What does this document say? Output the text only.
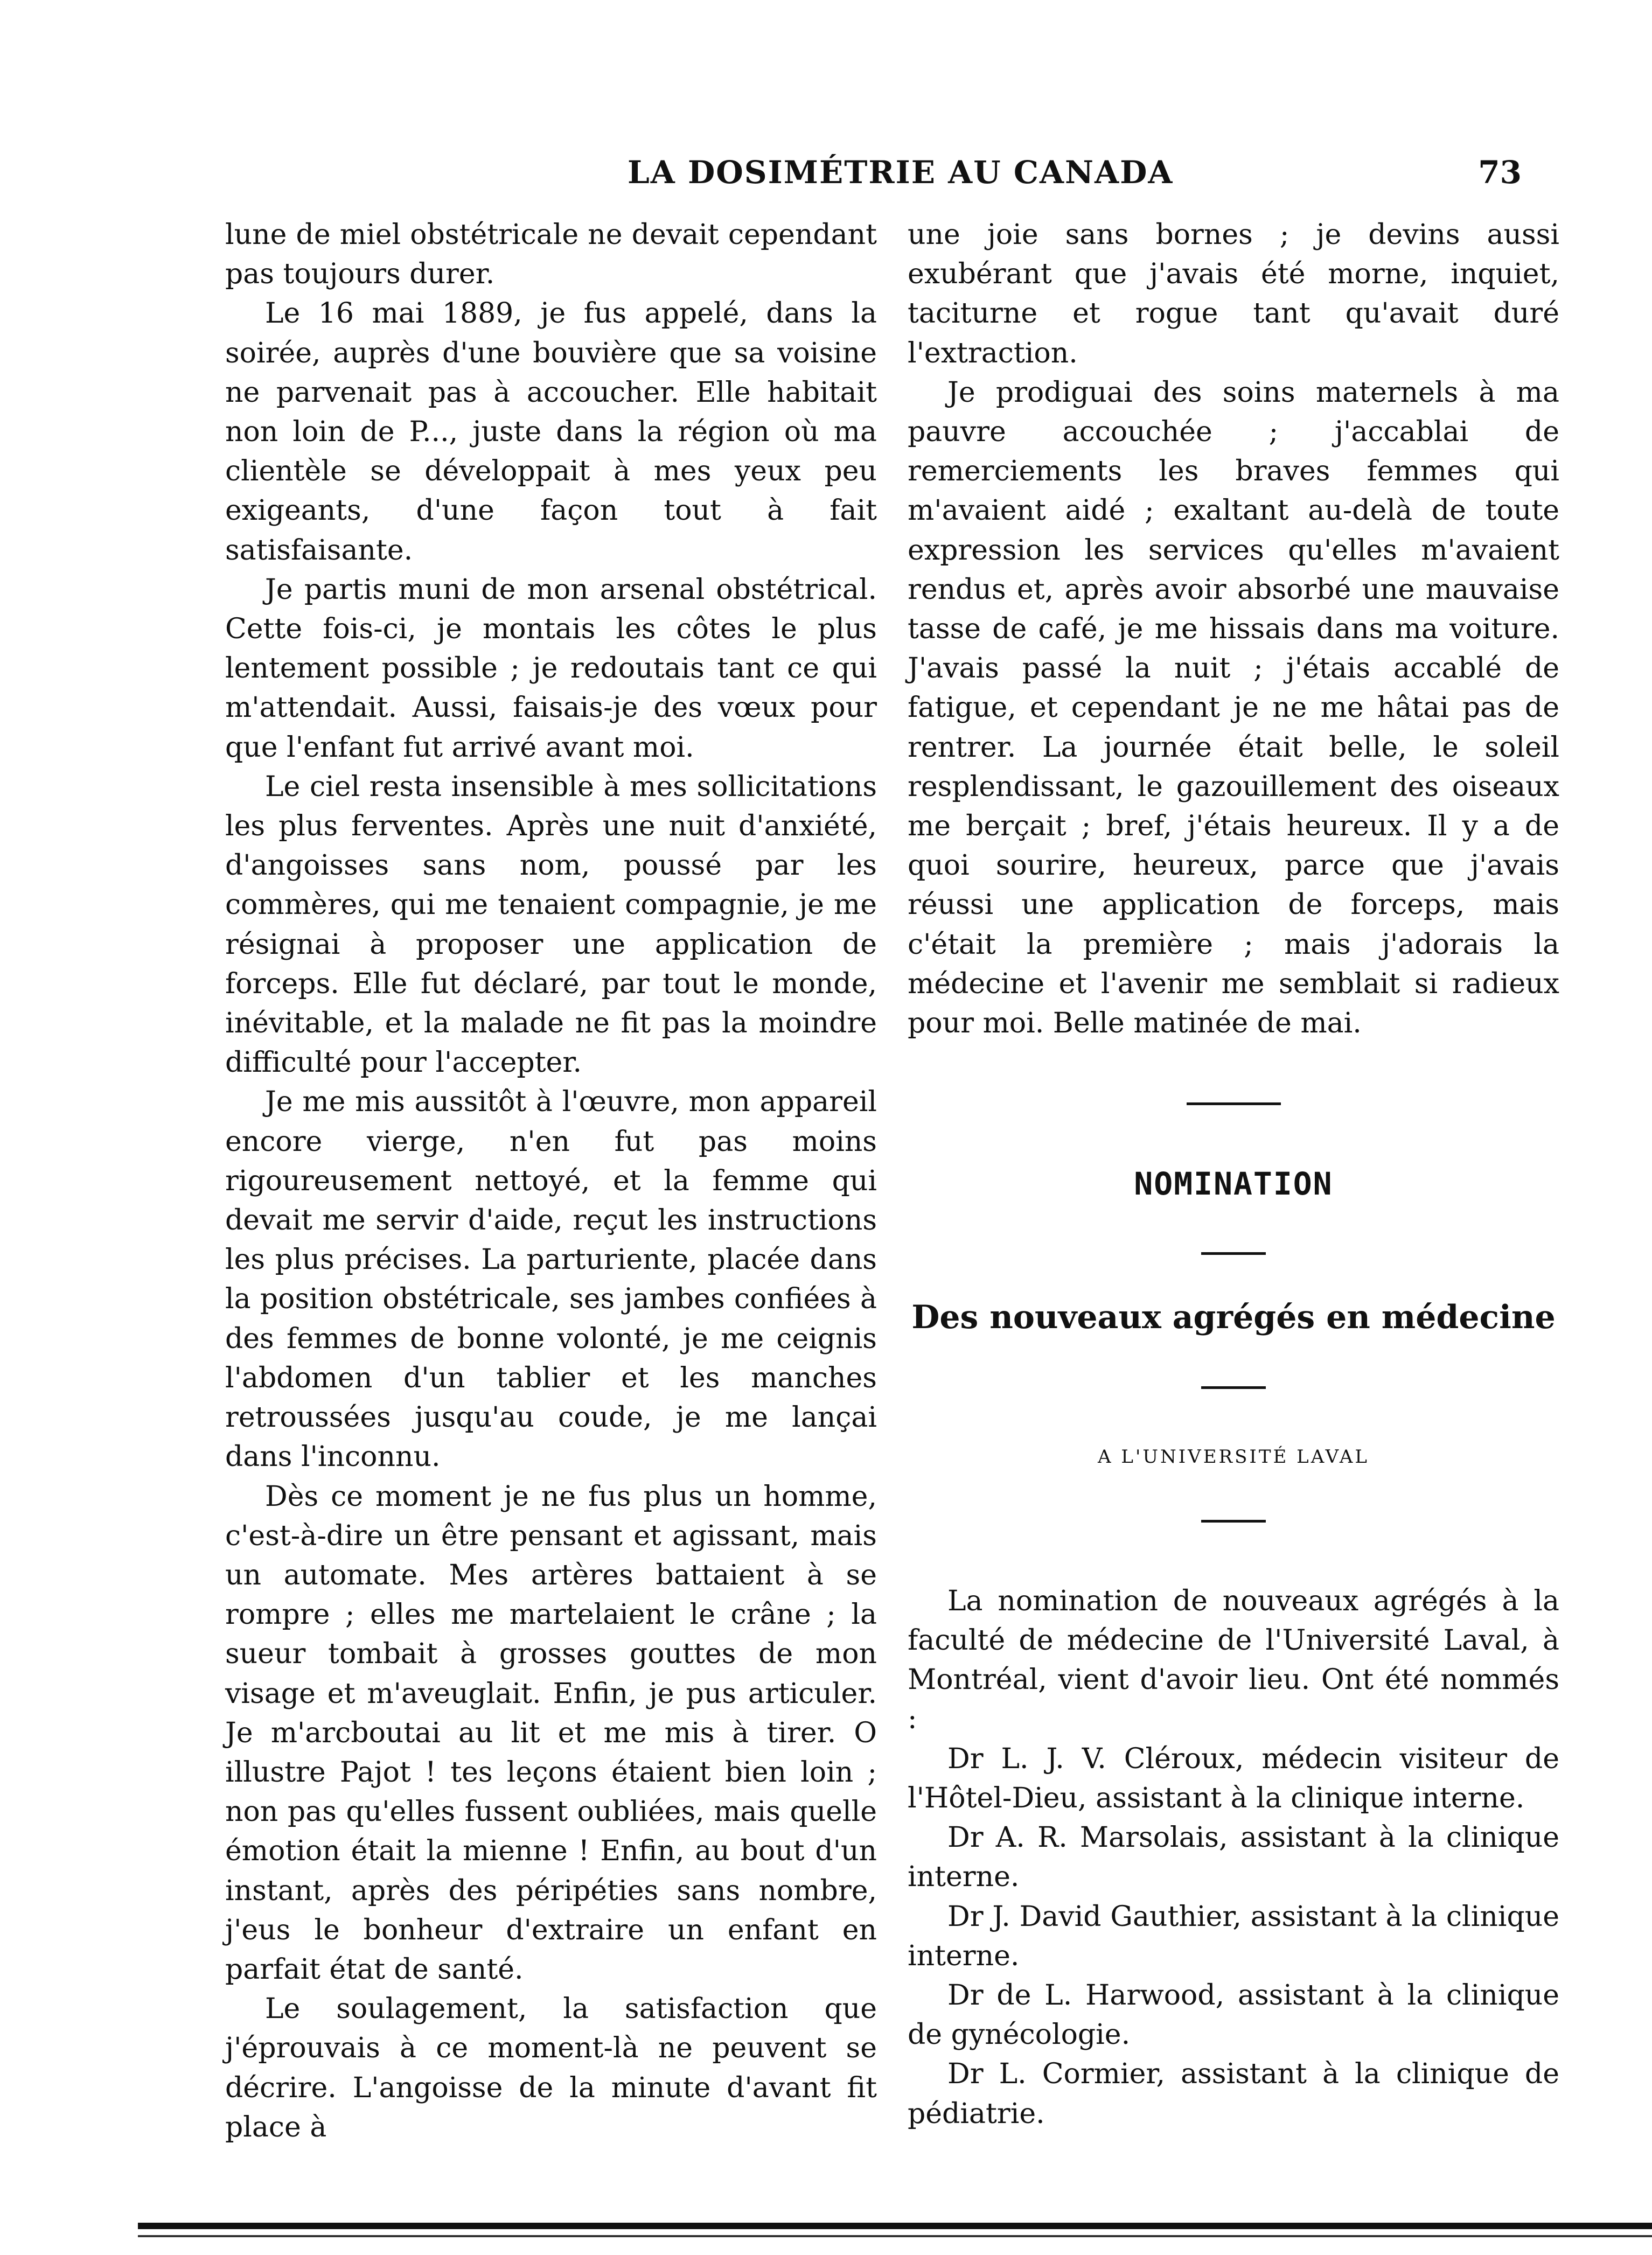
LA DOSIMÉTRIE AU CANADA	73

lune de miel obstétricale ne devait cependant pas toujours durer.

Le 16 mai 1889, je fus appelé, dans la soirée, auprès d'une bouvière que sa voisine ne parvenait pas à accoucher. Elle habitait non loin de P..., juste dans la région où ma clientèle se développait à mes yeux peu exigeants, d'une façon tout à fait satisfaisante.

Je partis muni de mon arsenal obstétrical. Cette fois-ci, je montais les côtes le plus lentement possible ; je redoutais tant ce qui m'attendait. Aussi, faisais-je des vœux pour que l'enfant fut arrivé avant moi.

Le ciel resta insensible à mes sollicitations les plus ferventes. Après une nuit d'anxiété, d'angoisses sans nom, poussé par les commères, qui me tenaient compagnie, je me résignai à proposer une application de forceps. Elle fut déclaré, par tout le monde, inévitable, et la malade ne fit pas la moindre difficulté pour l'accepter.

Je me mis aussitôt à l'œuvre, mon appareil encore vierge, n'en fut pas moins rigoureusement nettoyé, et la femme qui devait me servir d'aide, reçut les instructions les plus précises. La parturiente, placée dans la position obstétricale, ses jambes confiées à des femmes de bonne volonté, je me ceignis l'abdomen d'un tablier et les manches retroussées jusqu'au coude, je me lançai dans l'inconnu.

Dès ce moment je ne fus plus un homme, c'est-à-dire un être pensant et agissant, mais un automate. Mes artères battaient à se rompre ; elles me martelaient le crâne ; la sueur tombait à grosses gouttes de mon visage et m'aveuglait. Enfin, je pus articuler. Je m'arcboutai au lit et me mis à tirer. O illustre Pajot ! tes leçons étaient bien loin ; non pas qu'elles fussent oubliées, mais quelle émotion était la mienne ! Enfin, au bout d'un instant, après des péripéties sans nombre, j'eus le bonheur d'extraire un enfant en parfait état de santé.

Le soulagement, la satisfaction que j'éprouvais à ce moment-là ne peuvent se décrire. L'angoisse de la minute d'avant fit place à

une joie sans bornes ; je devins aussi exubérant que j'avais été morne, inquiet, taciturne et rogue tant qu'avait duré l'extraction.

Je prodiguai des soins maternels à ma pauvre accouchée ; j'accablai de remerciements les braves femmes qui m'avaient aidé ; exaltant au-delà de toute expression les services qu'elles m'avaient rendus et, après avoir absorbé une mauvaise tasse de café, je me hissais dans ma voiture. J'avais passé la nuit ; j'étais accablé de fatigue, et cependant je ne me hâtai pas de rentrer. La journée était belle, le soleil resplendissant, le gazouillement des oiseaux me berçait ; bref, j'étais heureux. Il y a de quoi sourire, heureux, parce que j'avais réussi une application de forceps, mais c'était la première ; mais j'adorais la médecine et l'avenir me semblait si radieux pour moi. Belle matinée de mai.

NOMINATION
Des nouveaux agrégés en médecine
A L'UNIVERSITÉ LAVAL

La nomination de nouveaux agrégés à la faculté de médecine de l'Université Laval, à Montréal, vient d'avoir lieu. Ont été nommés :

Dr L. J. V. Cléroux, médecin visiteur de l'Hôtel-Dieu, assistant à la clinique interne.

Dr A. R. Marsolais, assistant à la clinique interne.

Dr J. David Gauthier, assistant à la clinique interne.

Dr de L. Harwood, assistant à la clinique de gynécologie.

Dr L. Cormier, assistant à la clinique de pédiatrie.
